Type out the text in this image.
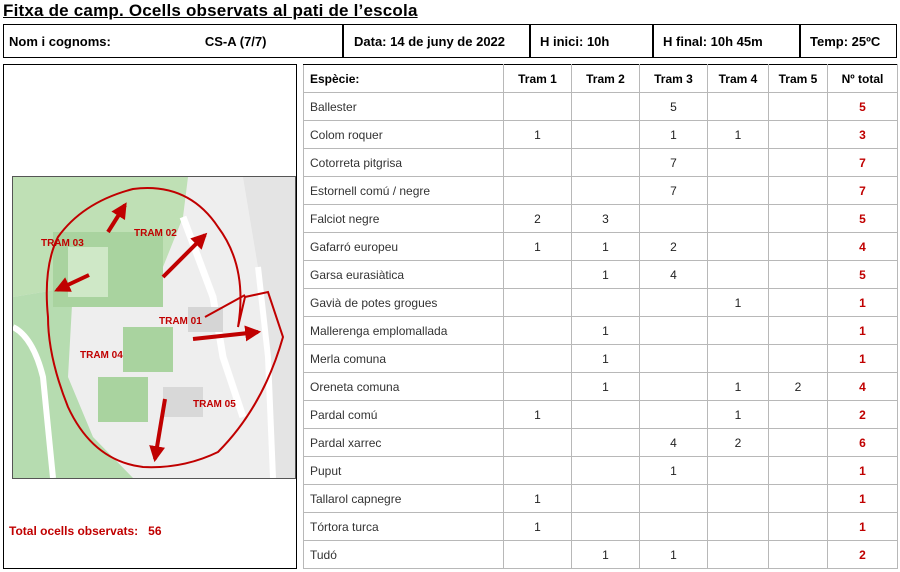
Fitxa de camp. Ocells observats al pati de l’escola
Nom i cognoms:	CS-A (7/7)	Data: 14 de juny de 2022	H inici: 10h	H final: 10h 45m	Temp: 25ºC
TRAM 03
TRAM 02
TRAM 01
TRAM 04
TRAM 05
Total ocells observats: 56
Espècie:	Tram 1	Tram 2	Tram 3	Tram 4	Tram 5	Nº total
Ballester			5			5
Colom roquer	1		1	1		3
Cotorreta pitgrisa			7			7
Estornell comú / negre			7			7
Falciot negre	2	3				5
Gafarró europeu	1	1	2			4
Garsa eurasiàtica		1	4			5
Gavià de potes grogues				1		1
Mallerenga emplomallada		1				1
Merla comuna		1				1
Oreneta comuna		1		1	2	4
Pardal comú	1			1		2
Pardal xarrec			4	2		6
Puput			1			1
Tallarol capnegre	1					1
Tórtora turca	1					1
Tudó		1	1			2
